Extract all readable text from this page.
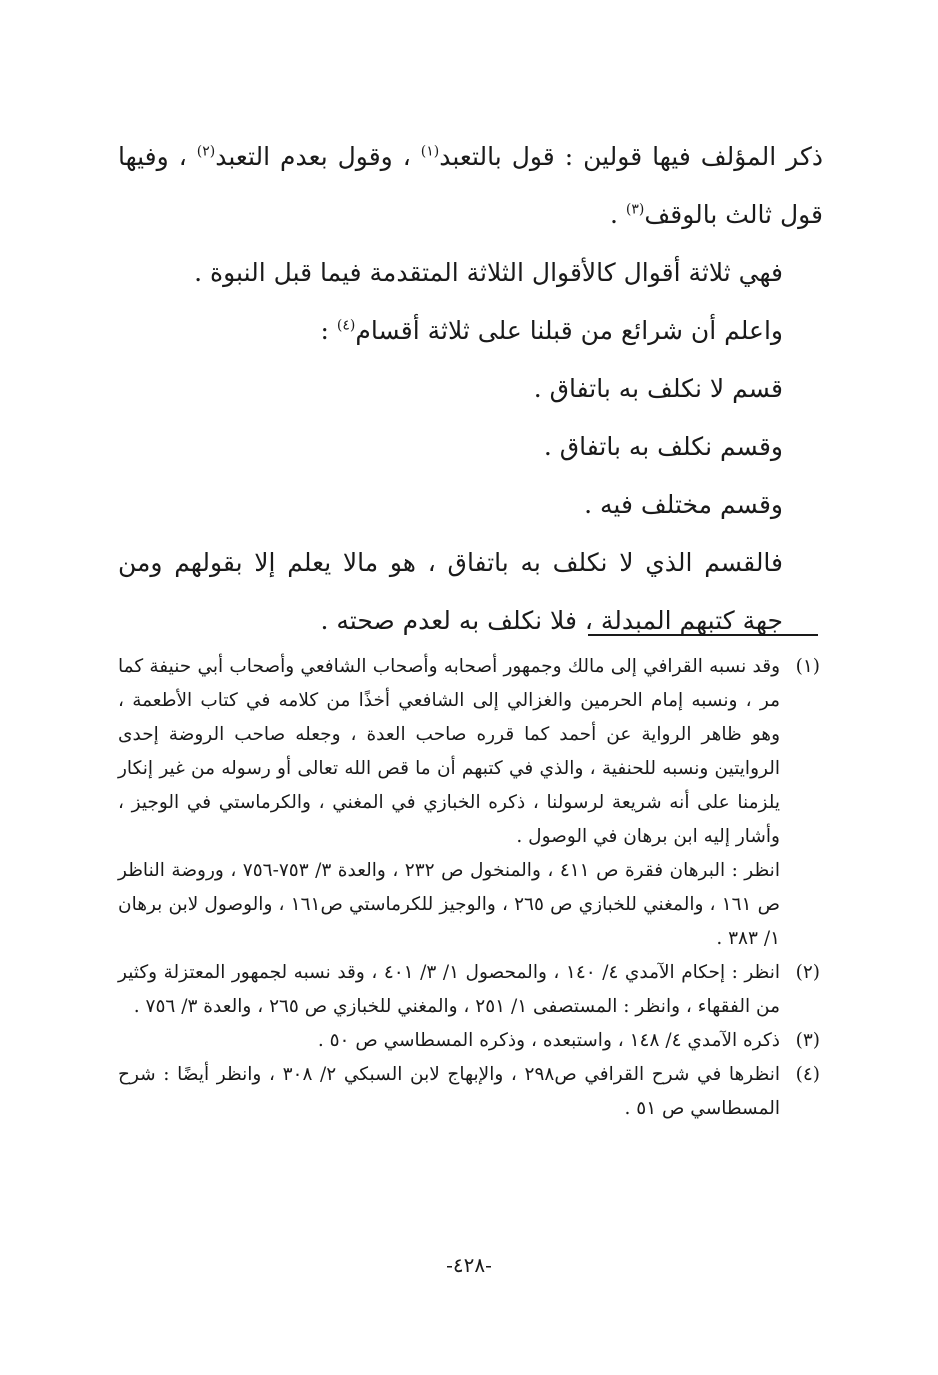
ذكر المؤلف فيها قولين : قول بالتعبد$^{(١)}$ ، وقول بعدم التعبد$^{(٢)}$ ، وفيها قول ثالث بالوقف$^{(٣)}$ .

فهي ثلاثة أقوال كالأقوال الثلاثة المتقدمة فيما قبل النبوة .

واعلم أن شرائع من قبلنا على ثلاثة أقسام$^{(٤)}$ :

قسم لا نكلف به باتفاق .

وقسم نكلف به باتفاق .

وقسم مختلف فيه .

فالقسم الذي لا نكلف به باتفاق ، هو مالا يعلم إلا بقولهم ومن جهة كتبهم المبدلة ، فلا نكلف به لعدم صحته .

(١)

وقد نسبه القرافي إلى مالك وجمهور أصحابه وأصحاب الشافعي وأصحاب أبي حنيفة كما مر ، ونسبه إمام الحرمين والغزالي إلى الشافعي أخذًا من كلامه في كتاب الأطعمة ، وهو ظاهر الرواية عن أحمد كما قرره صاحب العدة ، وجعله صاحب الروضة إحدى الروايتين ونسبه للحنفية ، والذي في كتبهم أن ما قص الله تعالى أو رسوله من غير إنكار يلزمنا على أنه شريعة لرسولنا ، ذكره الخبازي في المغني ، والكرماستي في الوجيز ، وأشار إليه ابن برهان في الوصول .

انظر : البرهان فقرة ص ٤١١ ، والمنخول ص ٢٣٢ ، والعدة ٣/ ٧٥٣-٧٥٦ ، وروضة الناظر ص ١٦١ ، والمغني للخبازي ص ٢٦٥ ، والوجيز للكرماستي ص١٦١ ، والوصول لابن برهان ١/ ٣٨٣ .

(٢)

انظر : إحكام الآمدي ٤/ ١٤٠ ، والمحصول ١/ ٣/ ٤٠١ ، وقد نسبه لجمهور المعتزلة وكثير من الفقهاء ، وانظر : المستصفى ١/ ٢٥١ ، والمغني للخبازي ص ٢٦٥ ، والعدة ٣/ ٧٥٦ .

(٣)

ذكره الآمدي ٤/ ١٤٨ ، واستبعده ، وذكره المسطاسي ص ٥٠ .

(٤)

انظرها في شرح القرافي ص٢٩٨ ، والإبهاج لابن السبكي ٢/ ٣٠٨ ، وانظر أيضًا : شرح المسطاسي ص ٥١ .

-٤٢٨-
